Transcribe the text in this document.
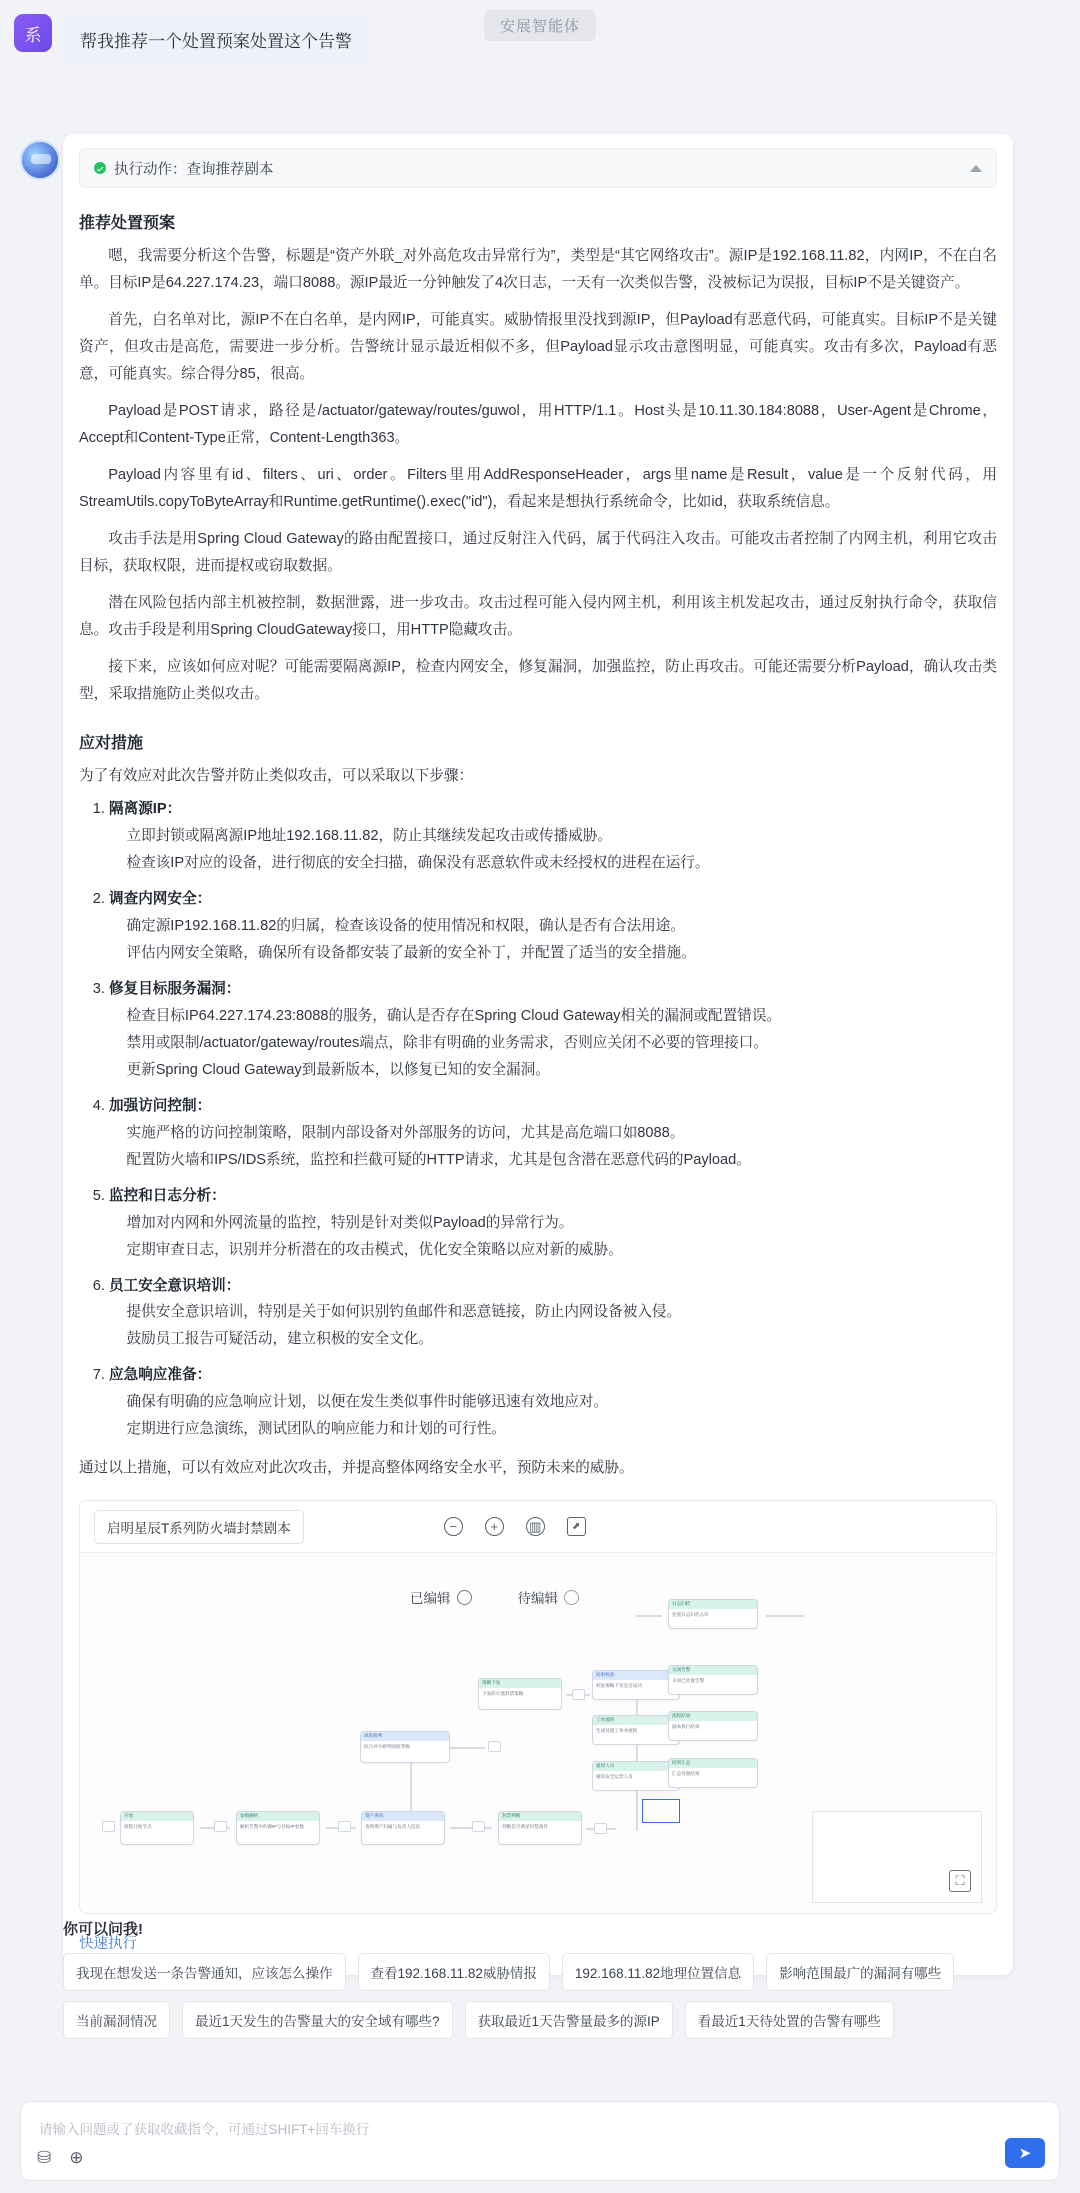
安展智能体
系	帮我推荐一个处置预案处置这个告警
执行动作：查询推荐剧本
推荐处置预案

嗯，我需要分析这个告警，标题是“资产外联_对外高危攻击异常行为”，类型是“其它网络攻击”。源IP是192.168.11.82，内网IP，不在白名单。目标IP是64.227.174.23，端口8088。源IP最近一分钟触发了4次日志，一天有一次类似告警，没被标记为误报，目标IP不是关键资产。

首先，白名单对比，源IP不在白名单，是内网IP，可能真实。威胁情报里没找到源IP，但Payload有恶意代码，可能真实。目标IP不是关键资产，但攻击是高危，需要进一步分析。告警统计显示最近相似不多，但Payload显示攻击意图明显，可能真实。攻击有多次，Payload有恶意，可能真实。综合得分85，很高。

Payload是POST请求，路径是/actuator/gateway/routes/guwol，用HTTP/1.1。Host头是10.11.30.184:8088，User-Agent是Chrome，Accept和Content-Type正常，Content-Length363。

Payload内容里有id、filters、uri、order。Filters里用AddResponseHeader，args里name是Result，value是一个反射代码，用StreamUtils.copyToByteArray和Runtime.getRuntime().exec("id")，看起来是想执行系统命令，比如id，获取系统信息。

攻击手法是用Spring Cloud Gateway的路由配置接口，通过反射注入代码，属于代码注入攻击。可能攻击者控制了内网主机，利用它攻击目标，获取权限，进而提权或窃取数据。

潜在风险包括内部主机被控制，数据泄露，进一步攻击。攻击过程可能入侵内网主机，利用该主机发起攻击，通过反射执行命令，获取信息。攻击手段是利用Spring CloudGateway接口，用HTTP隐藏攻击。

接下来，应该如何应对呢？可能需要隔离源IP，检查内网安全，修复漏洞，加强监控，防止再攻击。可能还需要分析Payload，确认攻击类型，采取措施防止类似攻击。

应对措施
为了有效应对此次告警并防止类似攻击，可以采取以下步骤：
1. 隔离源IP：
立即封锁或隔离源IP地址192.168.11.82，防止其继续发起攻击或传播威胁。
检查该IP对应的设备，进行彻底的安全扫描，确保没有恶意软件或未经授权的进程在运行。
2. 调查内网安全：
确定源IP192.168.11.82的归属，检查该设备的使用情况和权限，确认是否有合法用途。
评估内网安全策略，确保所有设备都安装了最新的安全补丁，并配置了适当的安全措施。
3. 修复目标服务漏洞：
检查目标IP64.227.174.23:8088的服务，确认是否存在Spring Cloud Gateway相关的漏洞或配置错误。
禁用或限制/actuator/gateway/routes端点，除非有明确的业务需求，否则应关闭不必要的管理接口。
更新Spring Cloud Gateway到最新版本，以修复已知的安全漏洞。
4. 加强访问控制：
实施严格的访问控制策略，限制内部设备对外部服务的访问，尤其是高危端口如8088。
配置防火墙和IPS/IDS系统，监控和拦截可疑的HTTP请求，尤其是包含潜在恶意代码的Payload。
5. 监控和日志分析：
增加对内网和外网流量的监控，特别是针对类似Payload的异常行为。
定期审查日志，识别并分析潜在的攻击模式，优化安全策略以应对新的威胁。
6. 员工安全意识培训：
提供安全意识培训，特别是关于如何识别钓鱼邮件和恶意链接，防止内网设备被入侵。
鼓励员工报告可疑活动，建立积极的安全文化。
7. 应急响应准备：
确保有明确的应急响应计划，以便在发生类似事件时能够迅速有效地应对。
定期进行应急演练，测试团队的响应能力和计划的可行性。
通过以上措施，可以有效应对此次攻击，并提高整体网络安全水平，预防未来的威胁。
启明星辰T系列防火墙封禁剧本	−	+	▥	⬈
已编辑	待编辑
开始
流程开始节点
参数解析
解析告警中的源IP与目标IP参数
资产查询
查询资产归属与负责人信息
封禁判断
判断是否满足封禁条件
风险研判
综合评分研判风险等级
策略下发
下发防火墙封禁策略
结果校验
校验策略下发是否成功
工单流转
生成处置工单并流转
通知人员
通知安全运营人员
日志归档
处置日志归档入库
关闭告警
关闭已处置告警
流程结束
剧本执行结束
结果汇总
汇总处置结果
⛶
快速执行
你可以问我!
我现在想发送一条告警通知，应该怎么操作	查看192.168.11.82威胁情报	192.168.11.82地理位置信息	影响范围最广的漏洞有哪些
当前漏洞情况	最近1天发生的告警量大的安全域有哪些?	获取最近1天告警量最多的源IP	看最近1天待处置的告警有哪些
请输入问题或了获取收藏指令，可通过SHIFT+回车换行
⛁ ⊕	➤
